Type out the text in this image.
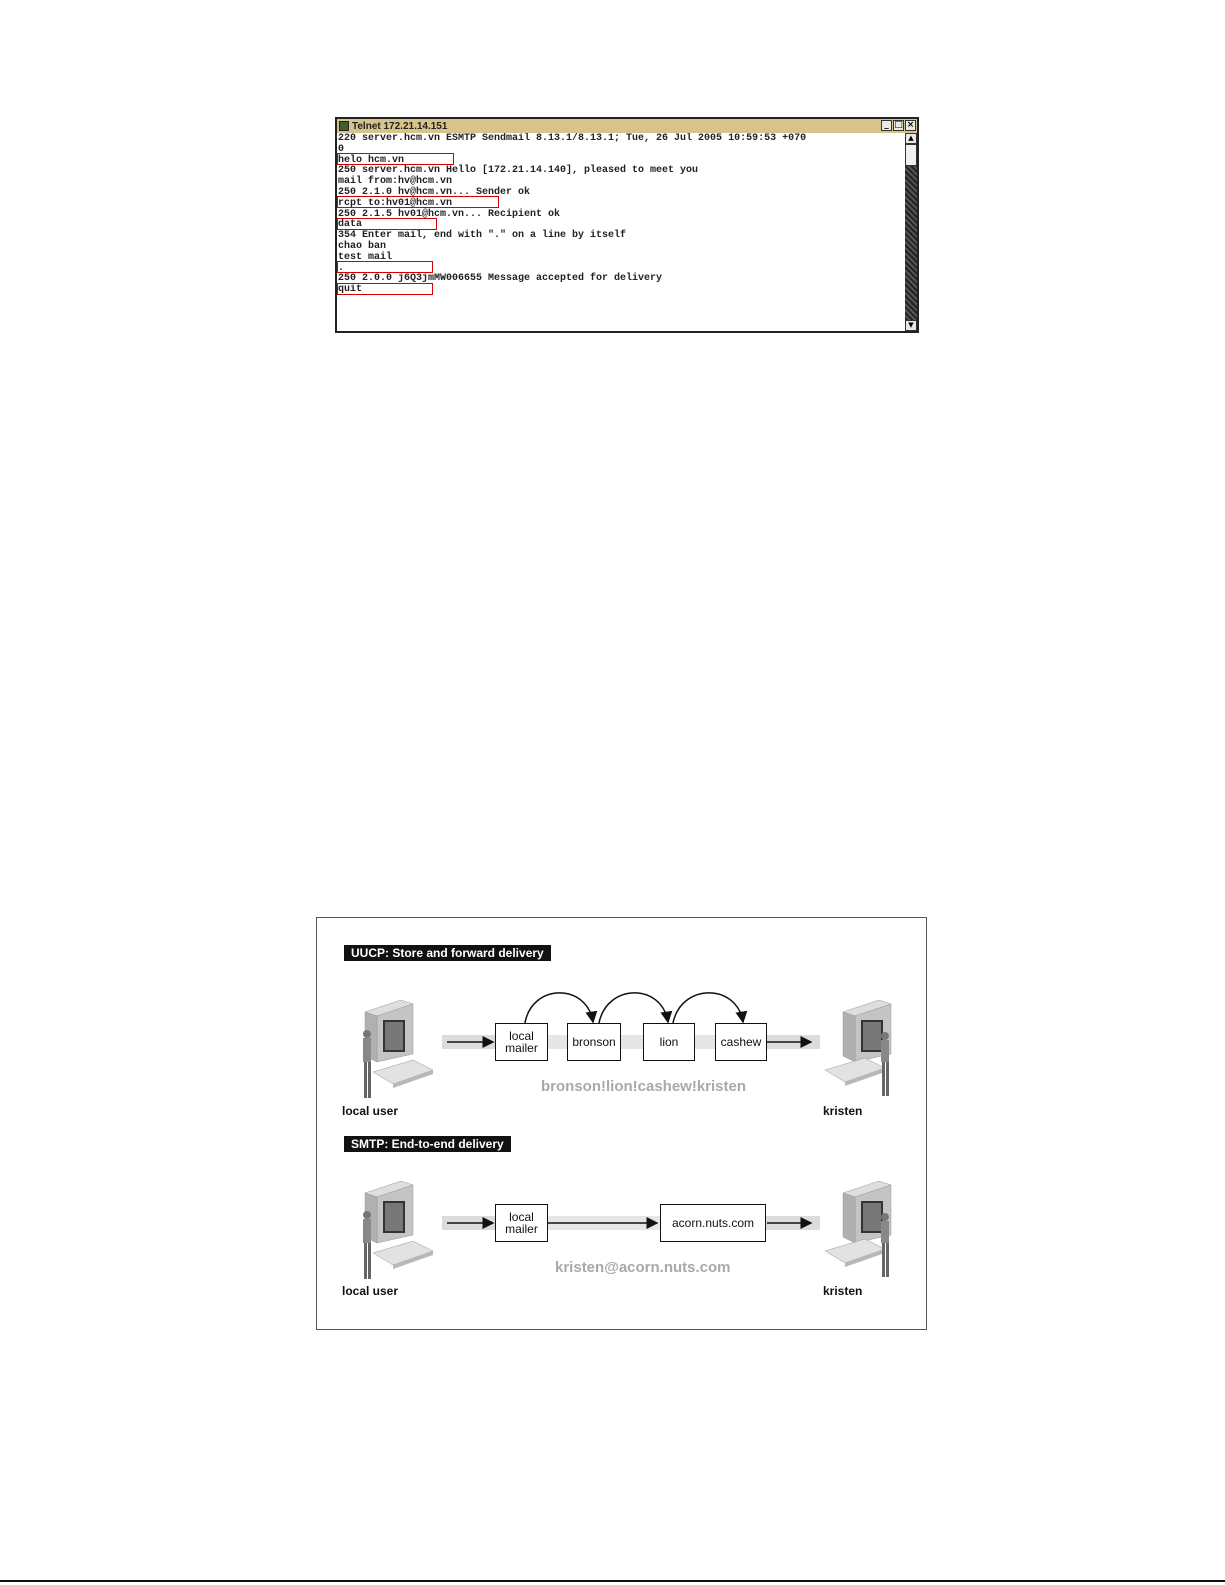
Telnet 172.21.14.151	_ □ ×
220 server.hcm.vn ESMTP Sendmail 8.13.1/8.13.1; Tue, 26 Jul 2005 10:59:53 +070
0
helo hcm.vn
250 server.hcm.vn Hello [172.21.14.140], pleased to meet you
mail from:hv@hcm.vn
250 2.1.0 hv@hcm.vn... Sender ok
rcpt to:hv01@hcm.vn
250 2.1.5 hv01@hcm.vn... Recipient ok
data
354 Enter mail, end with "." on a line by itself
chao ban
test mail
.
250 2.0.0 j6Q3jmMW006655 Message accepted for delivery
quit
▲
▼
UUCP: Store and forward delivery
local
mailer	bronson	lion	cashew
bronson!lion!cashew!kristen
local user	kristen
SMTP: End-to-end delivery
local
mailer	acorn.nuts.com
kristen@acorn.nuts.com
local user	kristen
